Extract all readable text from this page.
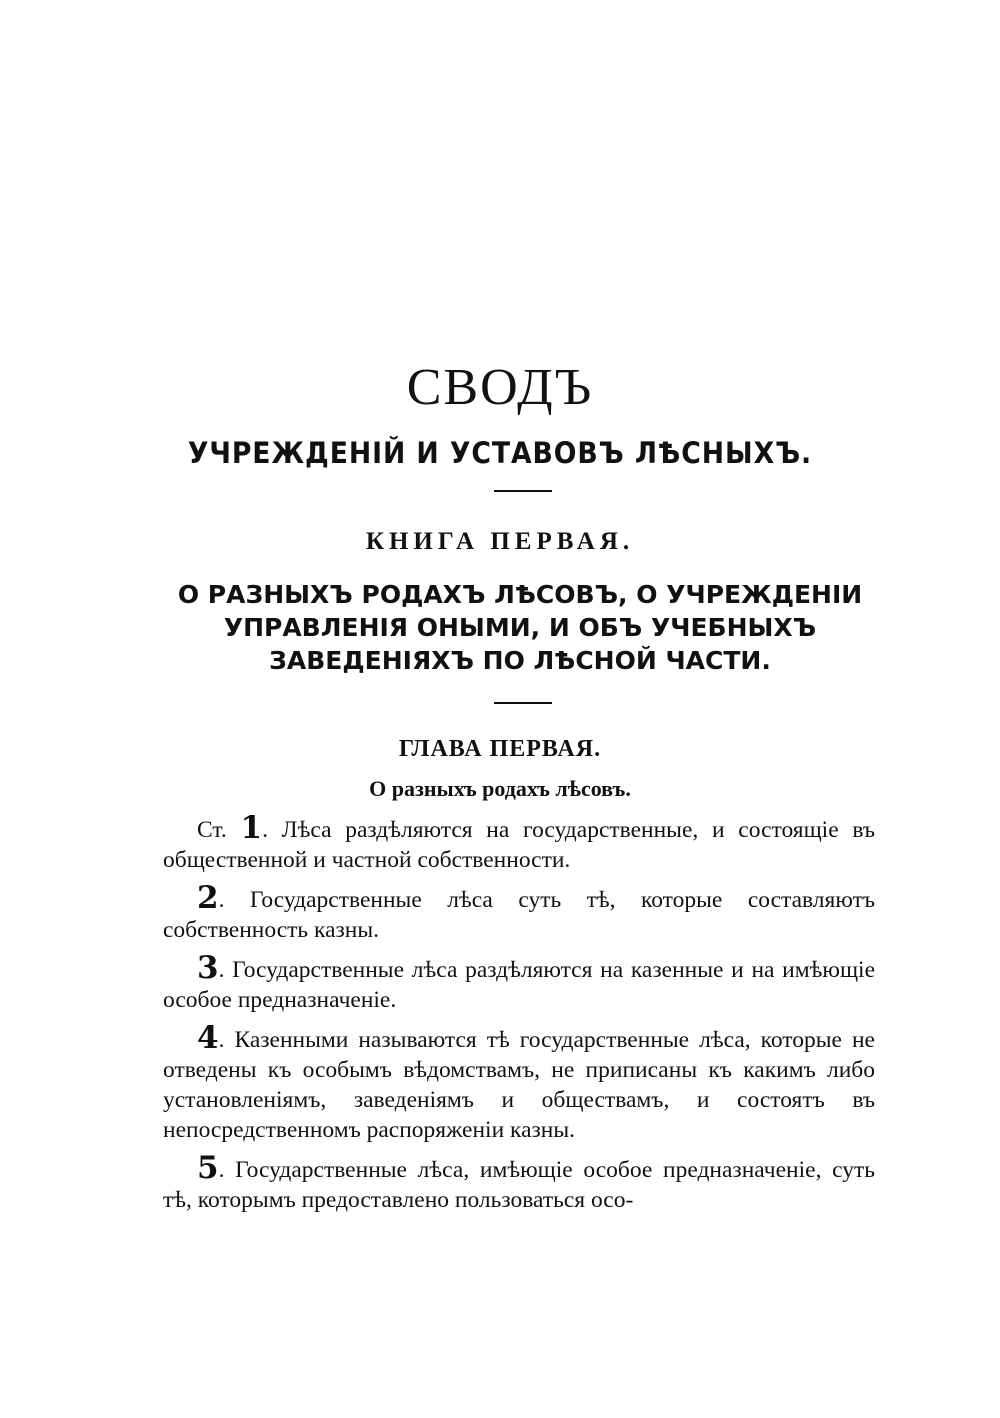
СВОДЪ
УЧРЕЖДЕНІЙ И УСТАВОВЪ ЛѢСНЫХЪ.
КНИГА ПЕРВАЯ.
О РАЗНЫХЪ РОДАХЪ ЛѢСОВЪ, О УЧРЕЖДЕНІИ УПРАВЛЕНІЯ ОНЫМИ, И ОБЪ УЧЕБНЫХЪ ЗАВЕДЕНІЯХЪ ПО ЛѢСНОЙ ЧАСТИ.
ГЛАВА ПЕРВАЯ.
О разныхъ родахъ лѣсовъ.

Ст. 1. Лѣса раздѣляются на государственные, и состоящіе въ общественной и частной собственности.

2. Государственные лѣса суть тѣ, которые составляютъ собственность казны.

3. Государственные лѣса раздѣляются на казенные и на имѣющіе особое предназначеніе.

4. Казенными называются тѣ государственные лѣса, которые не отведены къ особымъ вѣдомствамъ, не приписаны къ какимъ либо установленіямъ, заведеніямъ и обществамъ, и состоятъ въ непосредственномъ распоряженіи казны.

5. Государственные лѣса, имѣющіе особое предназначеніе, суть тѣ, которымъ предоставлено пользоваться осо-
